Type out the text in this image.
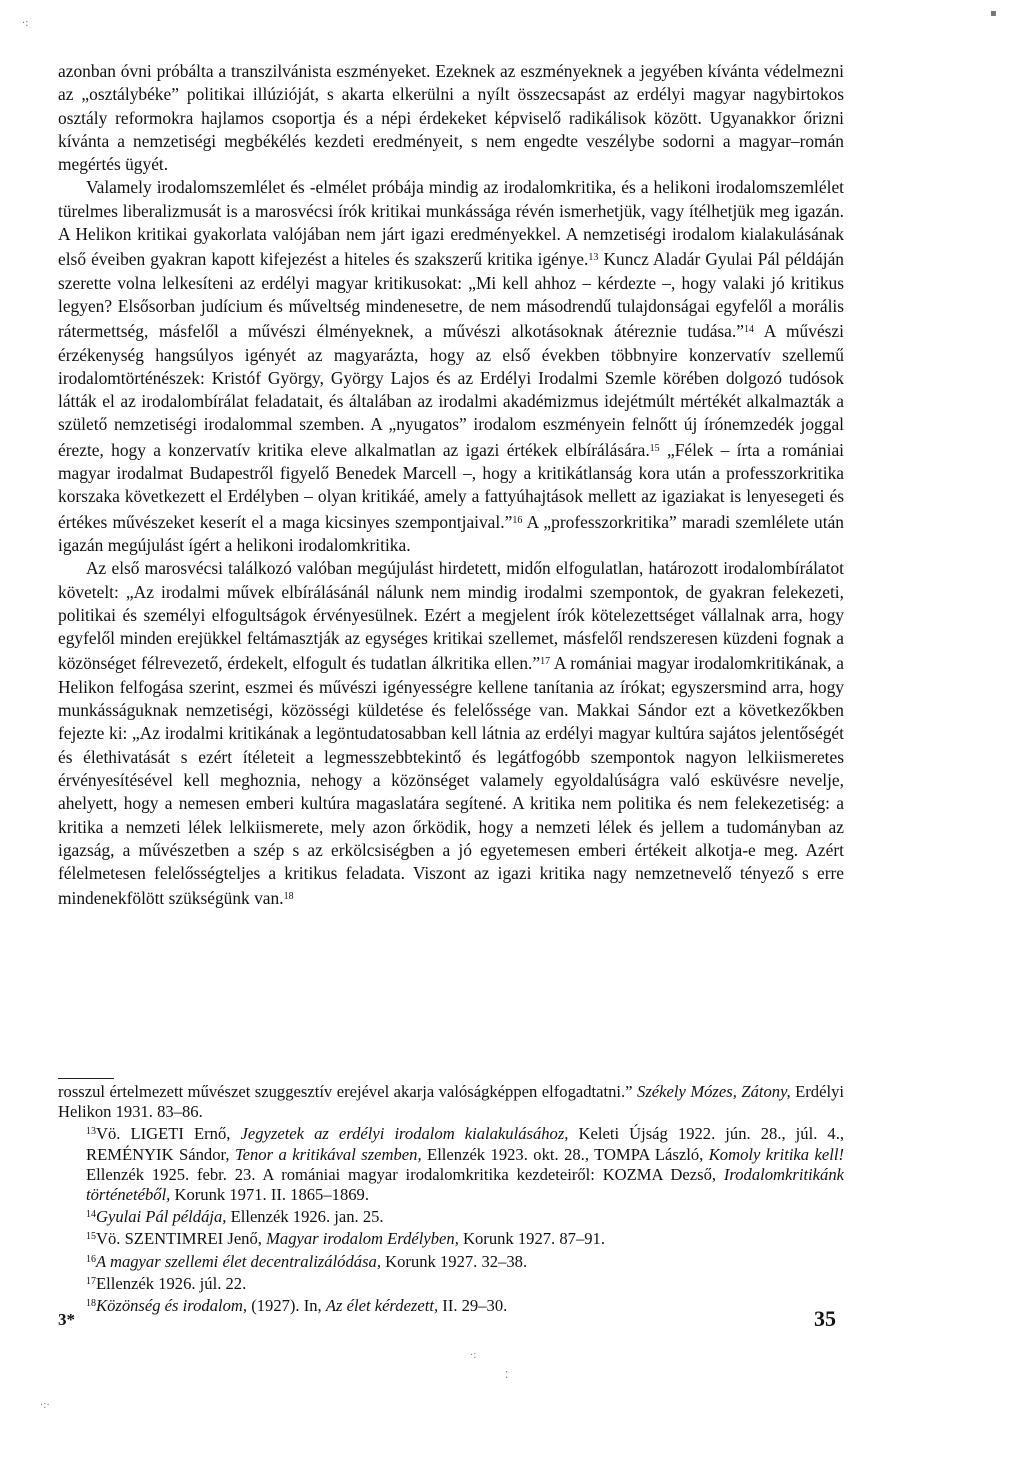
azonban óvni próbálta a transzilvánista eszményeket. Ezeknek az eszményeknek a jegyében kívánta védelmezni az „osztálybéke” politikai illúzióját, s akarta elkerülni a nyílt összecsapást az erdélyi magyar nagybirtokos osztály reformokra hajlamos csoportja és a népi érdekeket képviselő radikálisok között. Ugyanakkor őrizni kívánta a nemzetiségi megbékélés kezdeti eredményeit, s nem engedte veszélybe sodorni a magyar–román megértés ügyét.

Valamely irodalomszemlélet és -elmélet próbája mindig az irodalomkritika, és a helikoni irodalomszemlélet türelmes liberalizmusát is a marosvécsi írók kritikai munkássága révén ismerhetjük, vagy ítélhetjük meg igazán. A Helikon kritikai gyakorlata valójában nem járt igazi eredményekkel. A nemzetiségi irodalom kialakulásának első éveiben gyakran kapott kifejezést a hiteles és szakszerű kritika igénye.$^{13}$ Kuncz Aladár Gyulai Pál példáján szerette volna lelkesíteni az erdélyi magyar kritikusokat: „Mi kell ahhoz – kérdezte –, hogy valaki jó kritikus legyen? Elsősorban judícium és műveltség mindenesetre, de nem másodrendű tulajdonságai egyfelől a morális rátermettség, másfelől a művészi élményeknek, a művészi alkotásoknak átéreznie tudása.”$^{14}$ A művészi érzékenység hangsúlyos igényét az magyarázta, hogy az első években többnyire konzervatív szellemű irodalomtörténészek: Kristóf György, György Lajos és az Erdélyi Irodalmi Szemle körében dolgozó tudósok látták el az irodalombírálat feladatait, és általában az irodalmi akadémizmus idejétmúlt mértékét alkalmazták a születő nemzetiségi irodalommal szemben. A „nyugatos” irodalom eszményein felnőtt új írónemzedék joggal érezte, hogy a konzervatív kritika eleve alkalmatlan az igazi értékek elbírálására.$^{15}$ „Félek – írta a romániai magyar irodalmat Budapestről figyelő Benedek Marcell –, hogy a kritikátlanság kora után a professzorkritika korszaka következett el Erdélyben – olyan kritikáé, amely a fattyúhajtások mellett az igaziakat is lenyesegeti és értékes művészeket keserít el a maga kicsinyes szempontjaival.”$^{16}$ A „professzorkritika” maradi szemlélete után igazán megújulást ígért a helikoni irodalomkritika.

Az első marosvécsi találkozó valóban megújulást hirdetett, midőn elfogulatlan, határozott irodalombírálatot követelt: „Az irodalmi művek elbírálásánál nálunk nem mindig irodalmi szempontok, de gyakran felekezeti, politikai és személyi elfogultságok érvényesülnek. Ezért a megjelent írók kötelezettséget vállalnak arra, hogy egyfelől minden erejükkel feltámasztják az egységes kritikai szellemet, másfelől rendszeresen küzdeni fognak a közönséget félrevezető, érdekelt, elfogult és tudatlan álkritika ellen.”$^{17}$ A romániai magyar irodalomkritikának, a Helikon felfogása szerint, eszmei és művészi igényességre kellene tanítania az írókat; egyszersmind arra, hogy munkásságuknak nemzetiségi, közösségi küldetése és felelőssége van. Makkai Sándor ezt a következőkben fejezte ki: „Az irodalmi kritikának a legöntudatosabban kell látnia az erdélyi magyar kultúra sajátos jelentőségét és élethivatását s ezért ítéleteit a legmesszebbtekintő és legátfogóbb szempontok nagyon lelkiismeretes érvényesítésével kell meghoznia, nehogy a közönséget valamely egyoldalúságra való esküvésre nevelje, ahelyett, hogy a nemesen emberi kultúra magaslatára segítené. A kritika nem politika és nem felekezetiség: a kritika a nemzeti lélek lelkiismerete, mely azon őrködik, hogy a nemzeti lélek és jellem a tudományban az igazság, a művészetben a szép s az erkölcsiségben a jó egyetemesen emberi értékeit alkotja-e meg. Azért félelmetesen felelősségteljes a kritikus feladata. Viszont az igazi kritika nagy nemzetnevelő tényező s erre mindenekfölött szükségünk van.$^{18}$

rosszul értelmezett művészet szuggesztív erejével akarja valóságképpen elfogadtatni.” Székely Mózes, Zátony, Erdélyi Helikon 1931. 83–86.

$^{13}$Vö. LIGETI Ernő, Jegyzetek az erdélyi irodalom kialakulásához, Keleti Újság 1922. jún. 28., júl. 4., REMÉNYIK Sándor, Tenor a kritikával szemben, Ellenzék 1923. okt. 28., TOMPA László, Komoly kritika kell! Ellenzék 1925. febr. 23. A romániai magyar irodalomkritika kezdeteiről: KOZMA Dezső, Irodalomkritikánk történetéből, Korunk 1971. II. 1865–1869.

$^{14}$Gyulai Pál példája, Ellenzék 1926. jan. 25.

$^{15}$Vö. SZENTIMREI Jenő, Magyar irodalom Erdélyben, Korunk 1927. 87–91.

$^{16}$A magyar szellemi élet decentralizálódása, Korunk 1927. 32–38.

$^{17}$Ellenzék 1926. júl. 22.

$^{18}$Közönség és irodalom, (1927). In, Az élet kérdezett, II. 29–30.

3*	35
·:
▪
·:
⁚
·:·
